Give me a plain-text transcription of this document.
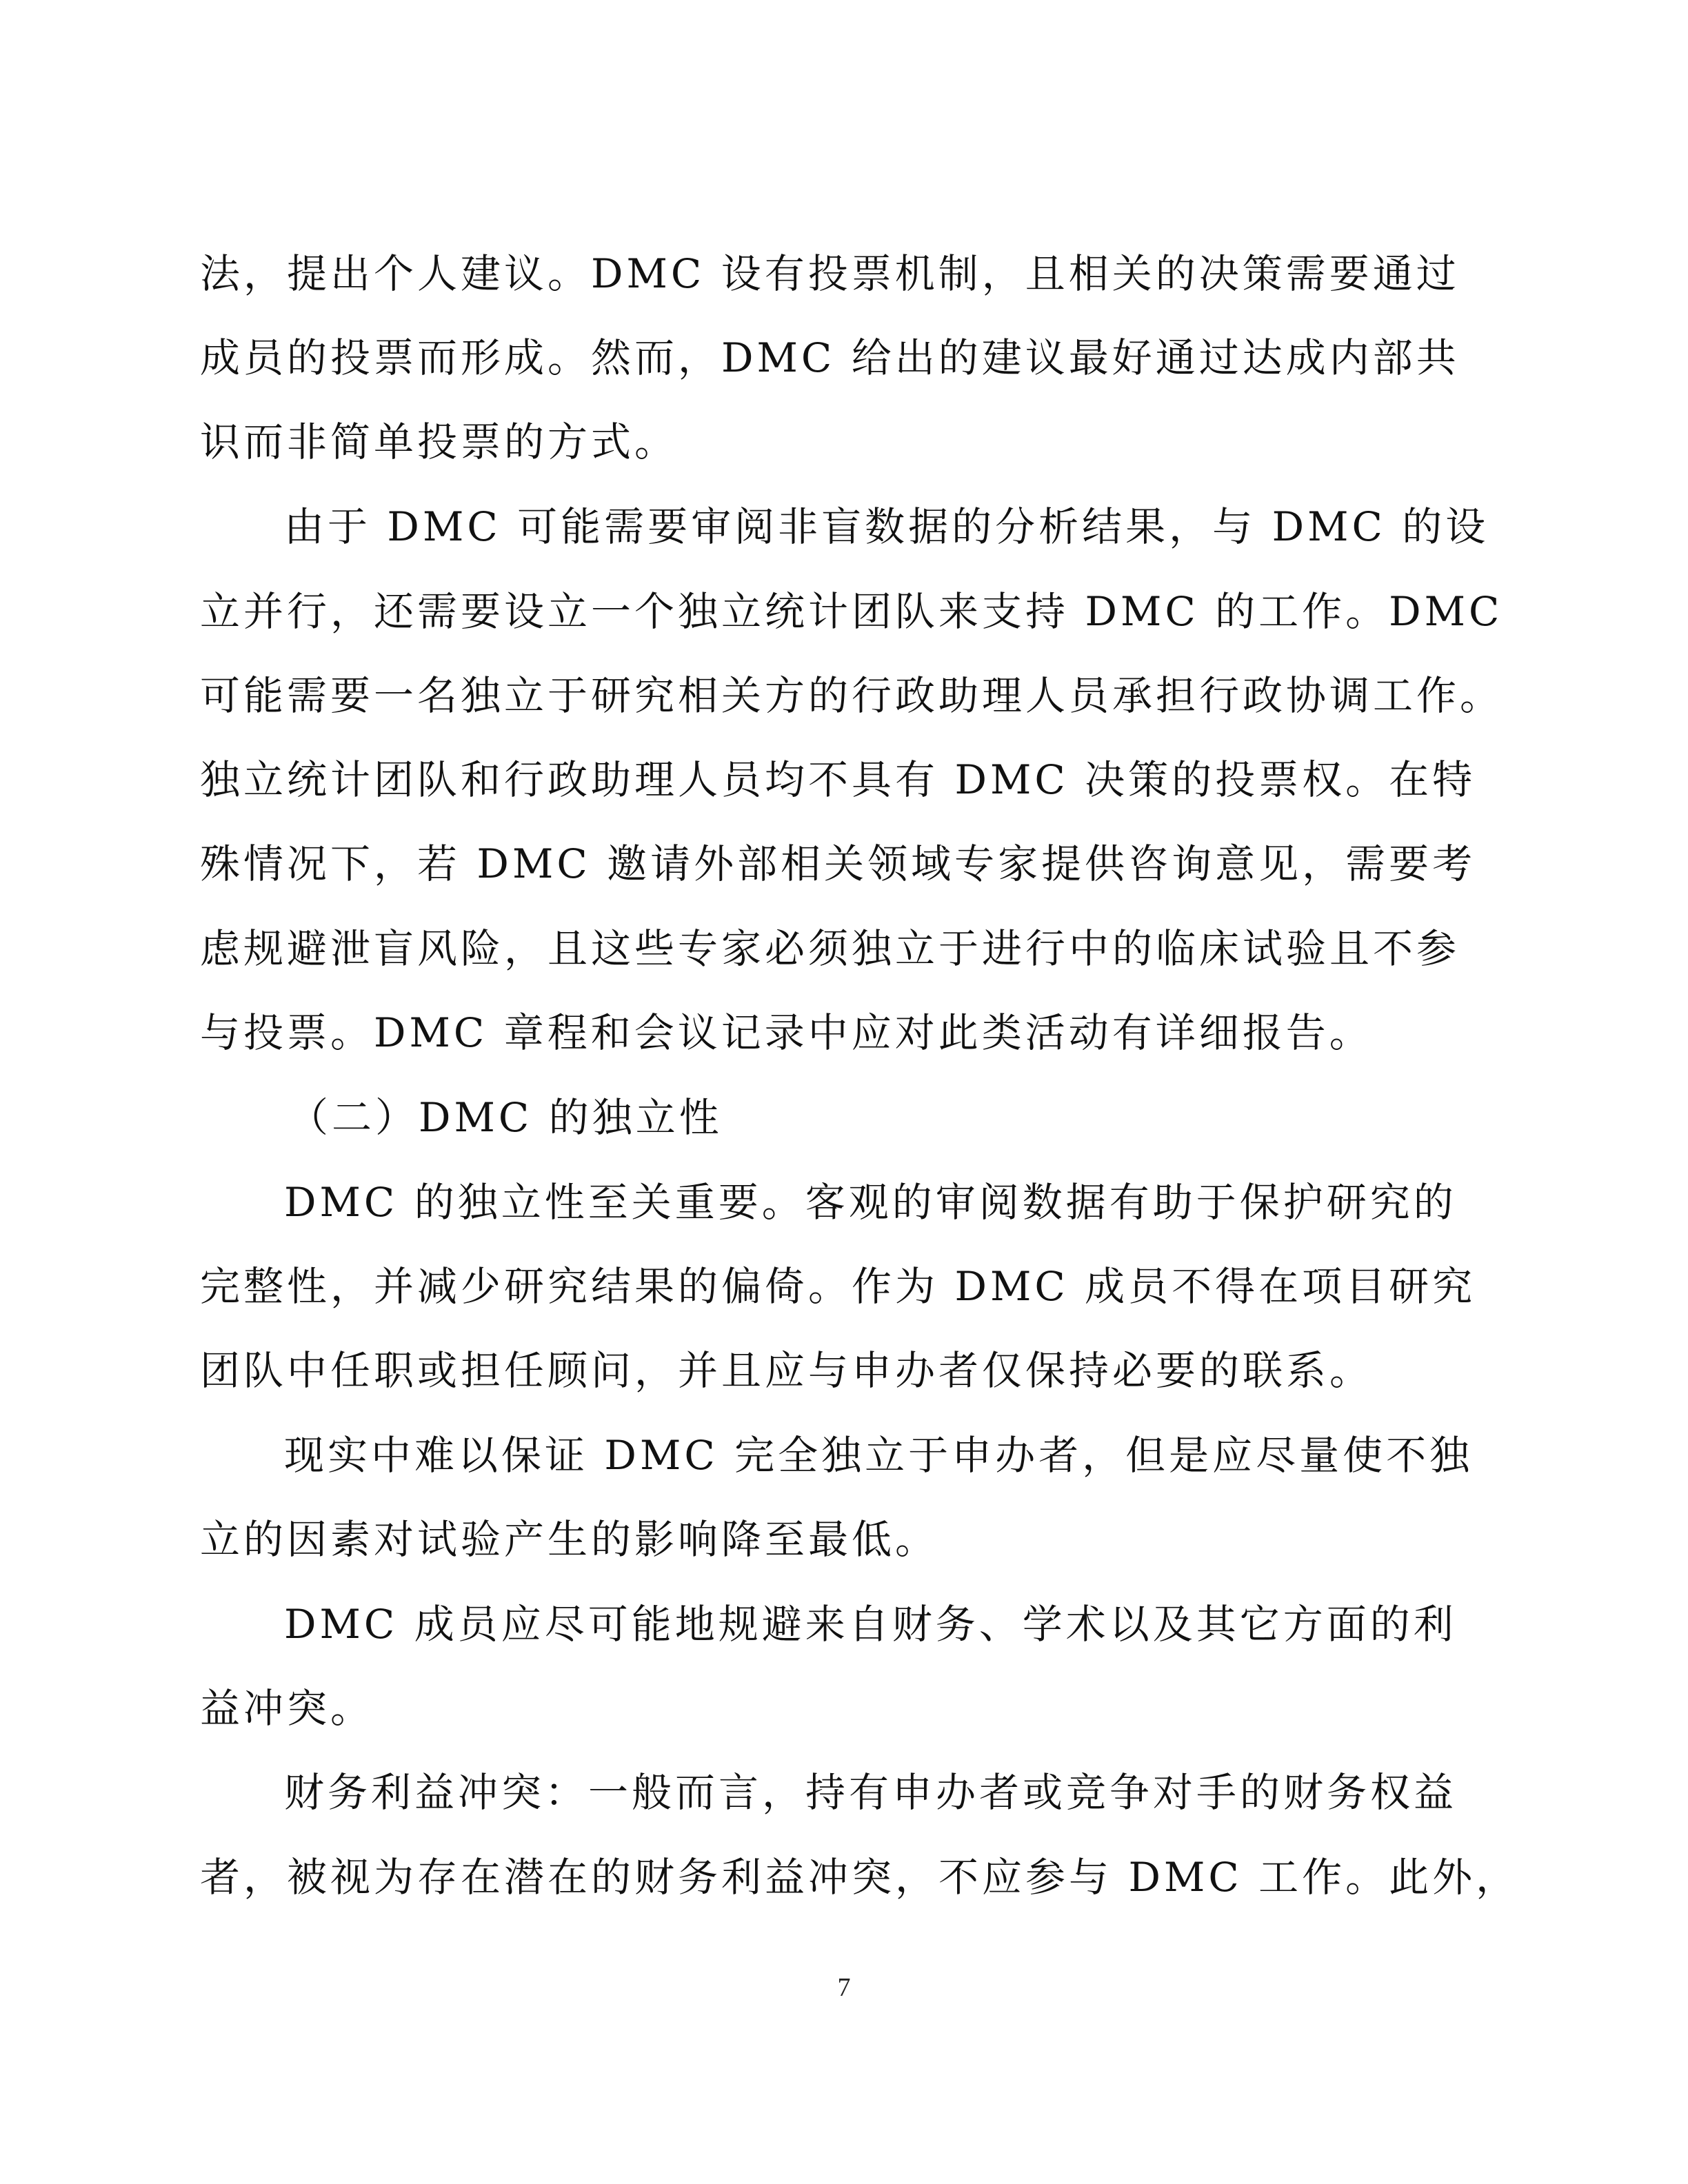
法，提出个人建议。DMC 设有投票机制，且相关的决策需要通过
成员的投票而形成。然而，DMC 给出的建议最好通过达成内部共
识而非简单投票的方式。
由于 DMC 可能需要审阅非盲数据的分析结果，与 DMC 的设
立并行，还需要设立一个独立统计团队来支持 DMC 的工作。DMC
可能需要一名独立于研究相关方的行政助理人员承担行政协调工作。
独立统计团队和行政助理人员均不具有 DMC 决策的投票权。在特
殊情况下，若 DMC 邀请外部相关领域专家提供咨询意见，需要考
虑规避泄盲风险，且这些专家必须独立于进行中的临床试验且不参
与投票。DMC 章程和会议记录中应对此类活动有详细报告。
（二）DMC 的独立性
DMC 的独立性至关重要。客观的审阅数据有助于保护研究的
完整性，并减少研究结果的偏倚。作为 DMC 成员不得在项目研究
团队中任职或担任顾问，并且应与申办者仅保持必要的联系。
现实中难以保证 DMC 完全独立于申办者，但是应尽量使不独
立的因素对试验产生的影响降至最低。
DMC 成员应尽可能地规避来自财务、学术以及其它方面的利
益冲突。
财务利益冲突：一般而言，持有申办者或竞争对手的财务权益
者，被视为存在潜在的财务利益冲突，不应参与 DMC 工作。此外，
7
